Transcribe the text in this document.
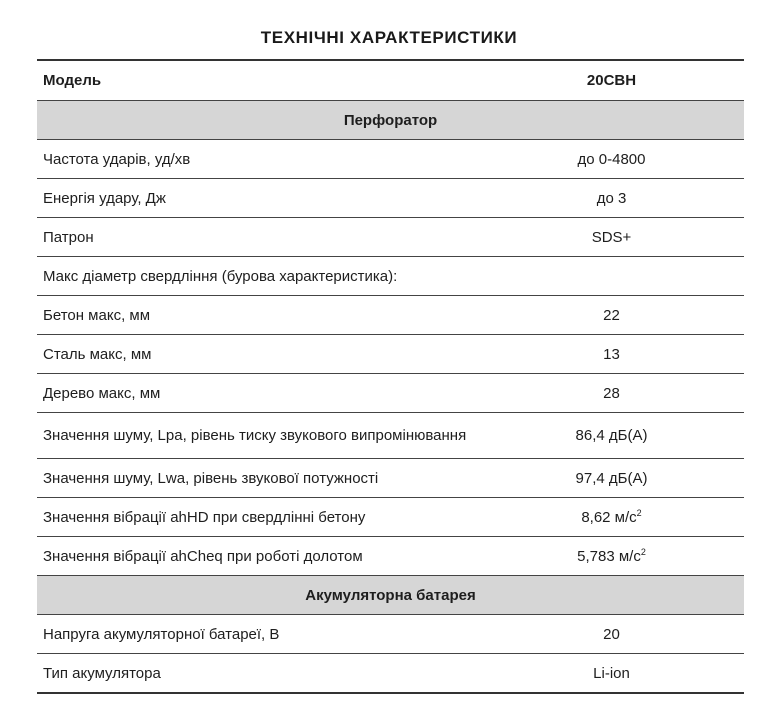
ТЕХНІЧНІ ХАРАКТЕРИСТИКИ
Модель	20CBH
Перфоратор	
Частота ударів, уд/хв	до 0-4800
Енергія удару, Дж	до 3
Патрон	SDS+
Макс діаметр свердління (бурова характеристика):	
Бетон макс, мм	22
Сталь макс, мм	13
Дерево макс, мм	28
Значення шуму, Lpa, рівень тиску звукового випромінювання	86,4 дБ(А)
Значення шуму, Lwa, рівень звукової потужності	97,4 дБ(А)
Значення вібрації ahHD при свердлінні бетону	8,62 $м/с^2$
Значення вібрації ahCheq при роботі долотом	5,783 $м/с^2$
Акумуляторна батарея	
Напруга акумуляторної батареї, В	20
Тип акумулятора	Li-ion
